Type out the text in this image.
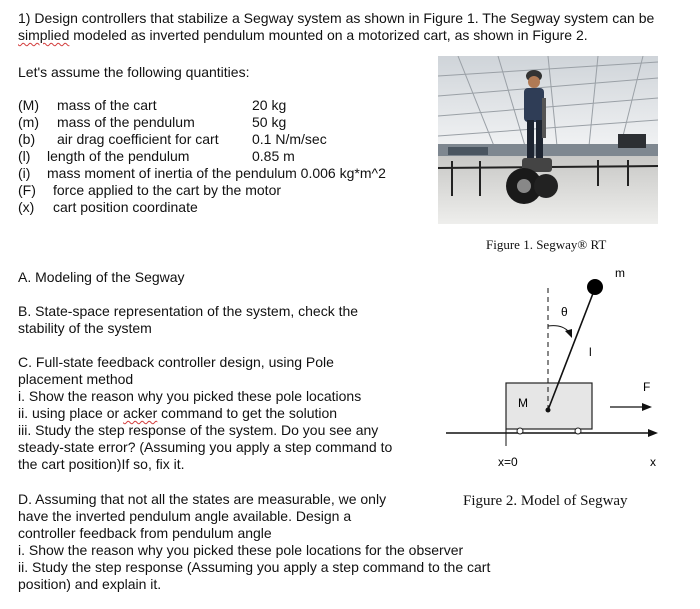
1) Design controllers that stabilize a Segway system as shown in Figure 1. The Segway system can be
simplied modeled as inverted pendulum mounted on a motorized cart, as shown in Figure 2.
Let's assume the following quantities:
(M) mass of the cart	20 kg
(m) mass of the pendulum	50 kg
(b) air drag coefficient for cart 0.1 N/m/sec
(l) length of the pendulum	0.85 m
(i) mass moment of inertia of the pendulum 0.006 kg*m^2
(F) force applied to the cart by the motor
(x) cart position coordinate
Figure 1. Segway® RT
A. Modeling of the Segway
B. State-space representation of the system, check the
stability of the system
C. Full-state feedback controller design, using Pole
placement method
i. Show the reason why you picked these pole locations
ii. using place or acker command to get the solution
iii. Study the step response of the system. Do you see any
steady-state error? (Assuming you apply a step command to
the cart position)If so, fix it.
m
θ
l
M
F
x=0	x
Figure 2. Model of Segway
D. Assuming that not all the states are measurable, we only
have the inverted pendulum angle available. Design a
controller feedback from pendulum angle
i. Show the reason why you picked these pole locations for the observer
ii. Study the step response (Assuming you apply a step command to the cart
position) and explain it.
